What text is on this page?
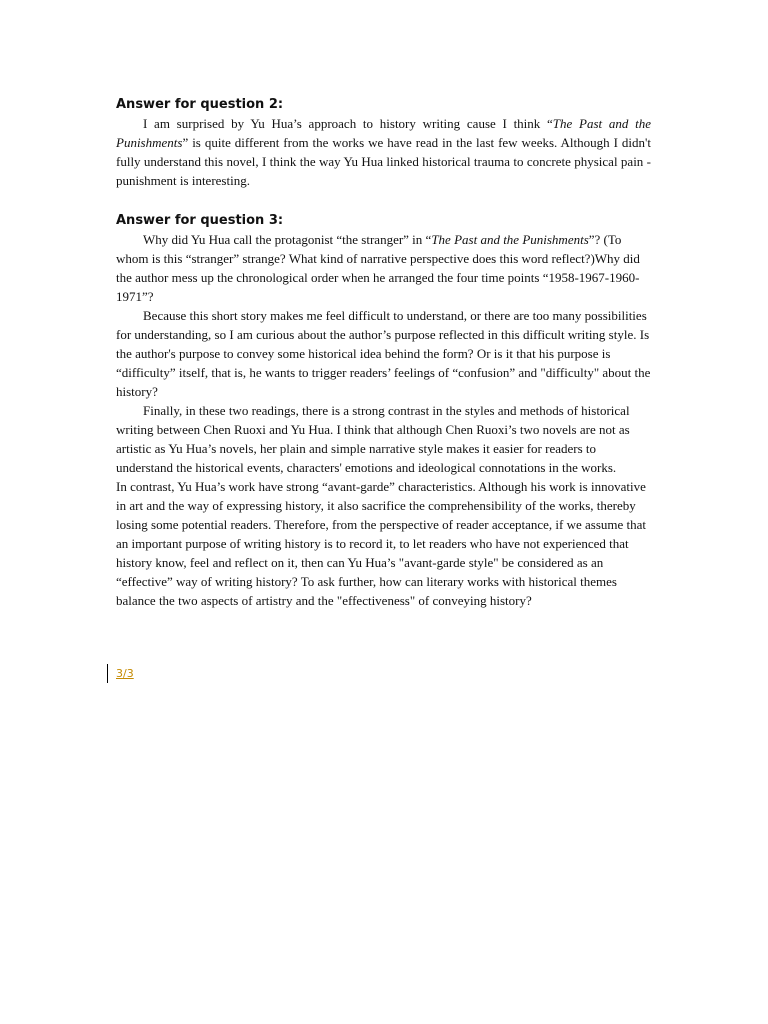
Answer for question 2:

I am surprised by Yu Hua’s approach to history writing cause I think “The Past and the Punishments” is quite different from the works we have read in the last few weeks. Although I didn't fully understand this novel, I think the way Yu Hua linked historical trauma to concrete physical pain - punishment is interesting.

Answer for question 3:

Why did Yu Hua call the protagonist “the stranger” in “The Past and the Punishments”? (To whom is this “stranger” strange? What kind of narrative perspective does this word reflect?)Why did the author mess up the chronological order when he arranged the four time points “1958-1967-1960-1971”?

Because this short story makes me feel difficult to understand, or there are too many possibilities for understanding, so I am curious about the author’s purpose reflected in this difficult writing style. Is the author's purpose to convey some historical idea behind the form? Or is it that his purpose is “difficulty” itself, that is, he wants to trigger readers’ feelings of “confusion” and "difficulty" about the history?

Finally, in these two readings, there is a strong contrast in the styles and methods of historical writing between Chen Ruoxi and Yu Hua. I think that although Chen Ruoxi’s two novels are not as artistic as Yu Hua’s novels, her plain and simple narrative style makes it easier for readers to understand the historical events, characters' emotions and ideological connotations in the works.

In contrast, Yu Hua’s work have strong “avant-garde” characteristics. Although his work is innovative in art and the way of expressing history, it also sacrifice the comprehensibility of the works, thereby losing some potential readers. Therefore, from the perspective of reader acceptance, if we assume that an important purpose of writing history is to record it, to let readers who have not experienced that history know, feel and reflect on it, then can Yu Hua’s "avant-garde style" be considered as an “effective” way of writing history? To ask further, how can literary works with historical themes balance the two aspects of artistry and the "effectiveness" of conveying history?

3/3
